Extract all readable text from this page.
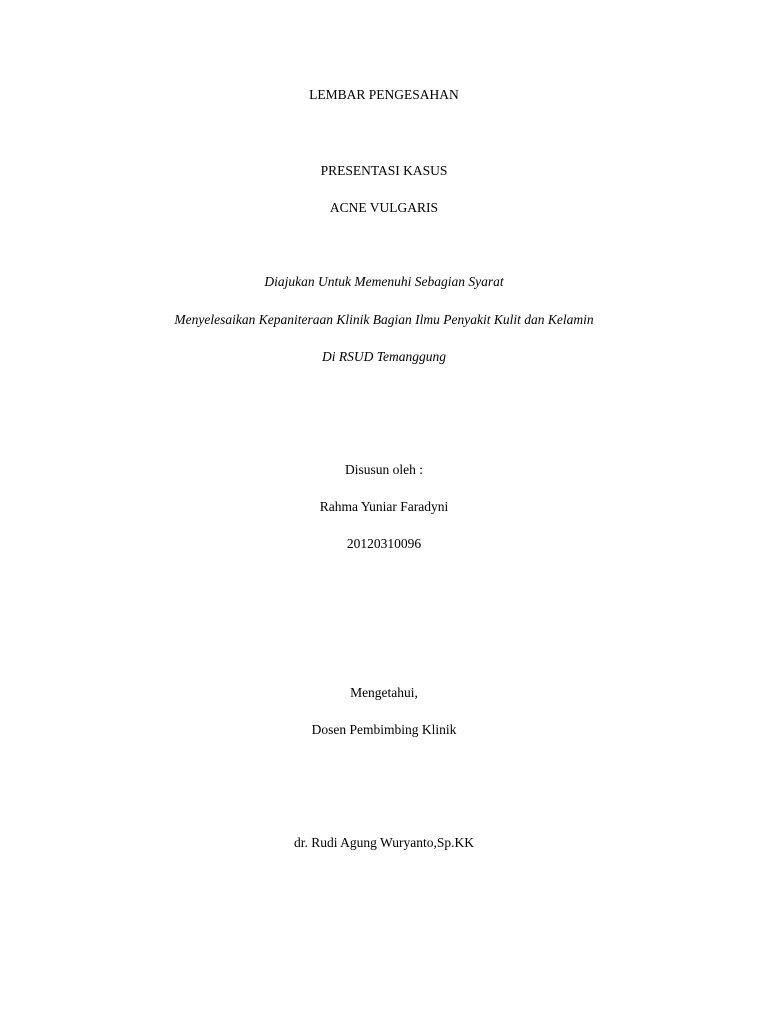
LEMBAR PENGESAHAN
PRESENTASI KASUS
ACNE VULGARIS
Diajukan Untuk Memenuhi Sebagian Syarat
Menyelesaikan Kepaniteraan Klinik Bagian Ilmu Penyakit Kulit dan Kelamin
Di RSUD Temanggung
Disusun oleh :
Rahma Yuniar Faradyni
20120310096
Mengetahui,
Dosen Pembimbing Klinik
dr. Rudi Agung Wuryanto,Sp.KK
